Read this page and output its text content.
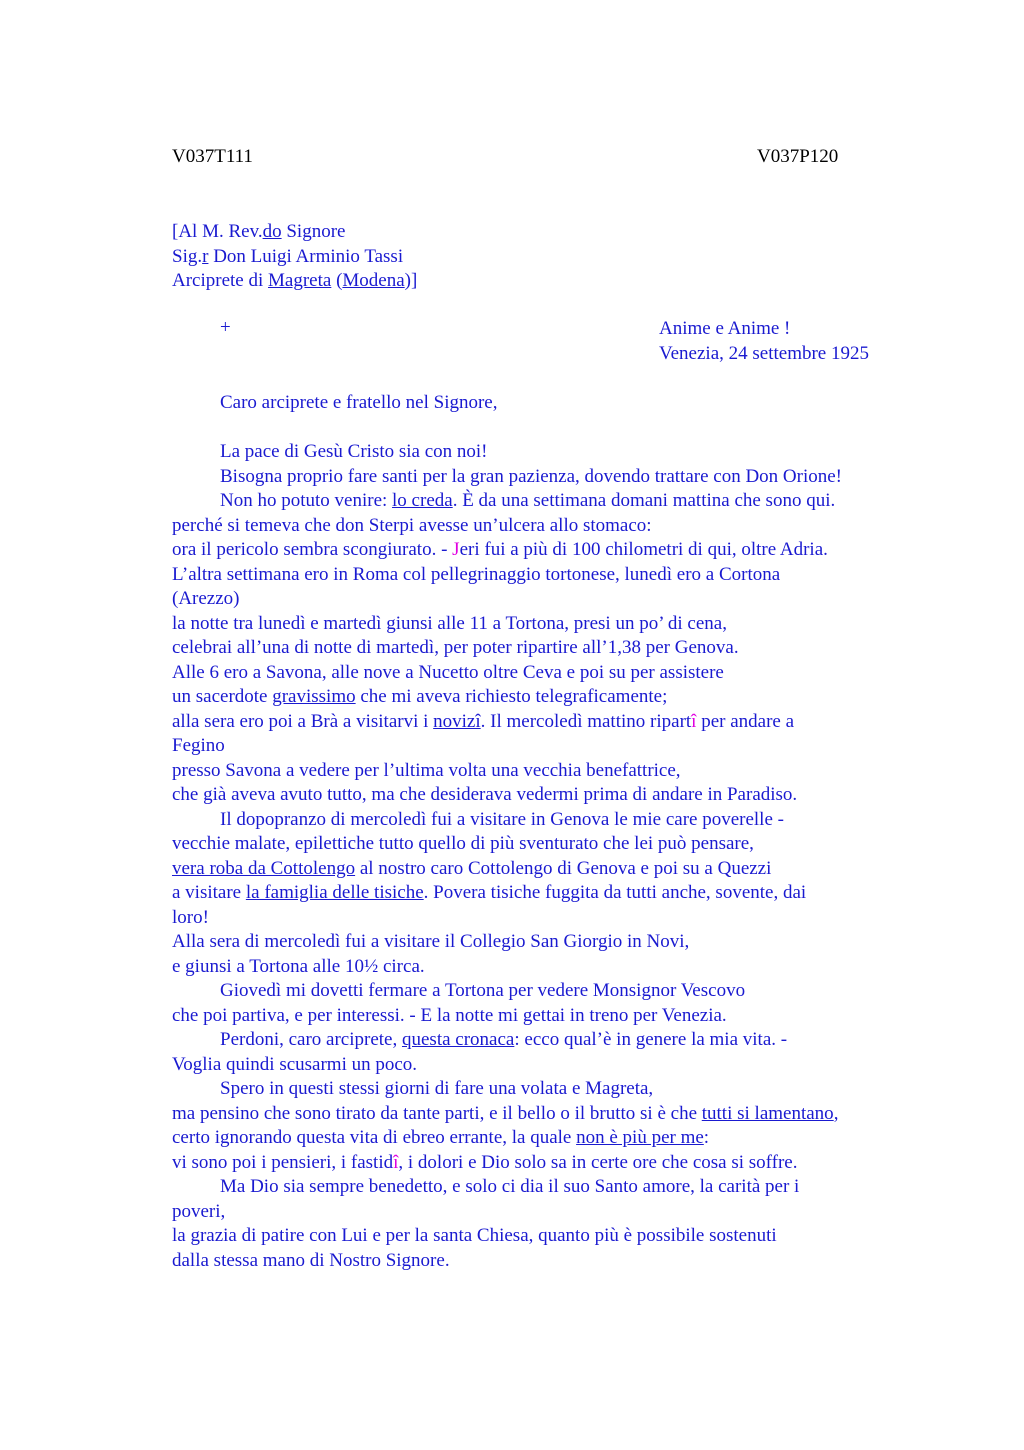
V037T111	V037P120
[Al M. Rev.do Signore
Sig.r Don Luigi Arminio Tassi
Arciprete di Magreta (Modena)]
+	Anime e Anime !
Venezia, 24 settembre 1925
Caro arciprete e fratello nel Signore,
La pace di Gesù Cristo sia con noi!
Bisogna proprio fare santi per la gran pazienza, dovendo trattare con Don Orione!
Non ho potuto venire: lo creda. È da una settimana domani mattina che sono qui.
perché si temeva che don Sterpi avesse un’ulcera allo stomaco:
ora il pericolo sembra scongiurato. - Jeri fui a più di 100 chilometri di qui, oltre Adria.
L’altra settimana ero in Roma col pellegrinaggio tortonese, lunedì ero a Cortona
(Arezzo)
la notte tra lunedì e martedì giunsi alle 11 a Tortona, presi un po’ di cena,
celebrai all’una di notte di martedì, per poter ripartire all’1,38 per Genova.
Alle 6 ero a Savona, alle nove a Nucetto oltre Ceva e poi su per assistere
un sacerdote gravissimo che mi aveva richiesto telegraficamente;
alla sera ero poi a Brà a visitarvi i novizî. Il mercoledì mattino ripartî per andare a
Fegino
presso Savona a vedere per l’ultima volta una vecchia benefattrice,
che già aveva avuto tutto, ma che desiderava vedermi prima di andare in Paradiso.
Il dopopranzo di mercoledì fui a visitare in Genova le mie care poverelle -
vecchie malate, epilettiche tutto quello di più sventurato che lei può pensare,
vera roba da Cottolengo al nostro caro Cottolengo di Genova e poi su a Quezzi
a visitare la famiglia delle tisiche. Povera tisiche fuggita da tutti anche, sovente, dai
loro!
Alla sera di mercoledì fui a visitare il Collegio San Giorgio in Novi,
e giunsi a Tortona alle 10½ circa.
Giovedì mi dovetti fermare a Tortona per vedere Monsignor Vescovo
che poi partiva, e per interessi. - E la notte mi gettai in treno per Venezia.
Perdoni, caro arciprete, questa cronaca: ecco qual’è in genere la mia vita. -
Voglia quindi scusarmi un poco.
Spero in questi stessi giorni di fare una volata e Magreta,
ma pensino che sono tirato da tante parti, e il bello o il brutto si è che tutti si lamentano,
certo ignorando questa vita di ebreo errante, la quale non è più per me:
vi sono poi i pensieri, i fastidî, i dolori e Dio solo sa in certe ore che cosa si soffre.
Ma Dio sia sempre benedetto, e solo ci dia il suo Santo amore, la carità per i
poveri,
la grazia di patire con Lui e per la santa Chiesa, quanto più è possibile sostenuti
dalla stessa mano di Nostro Signore.
